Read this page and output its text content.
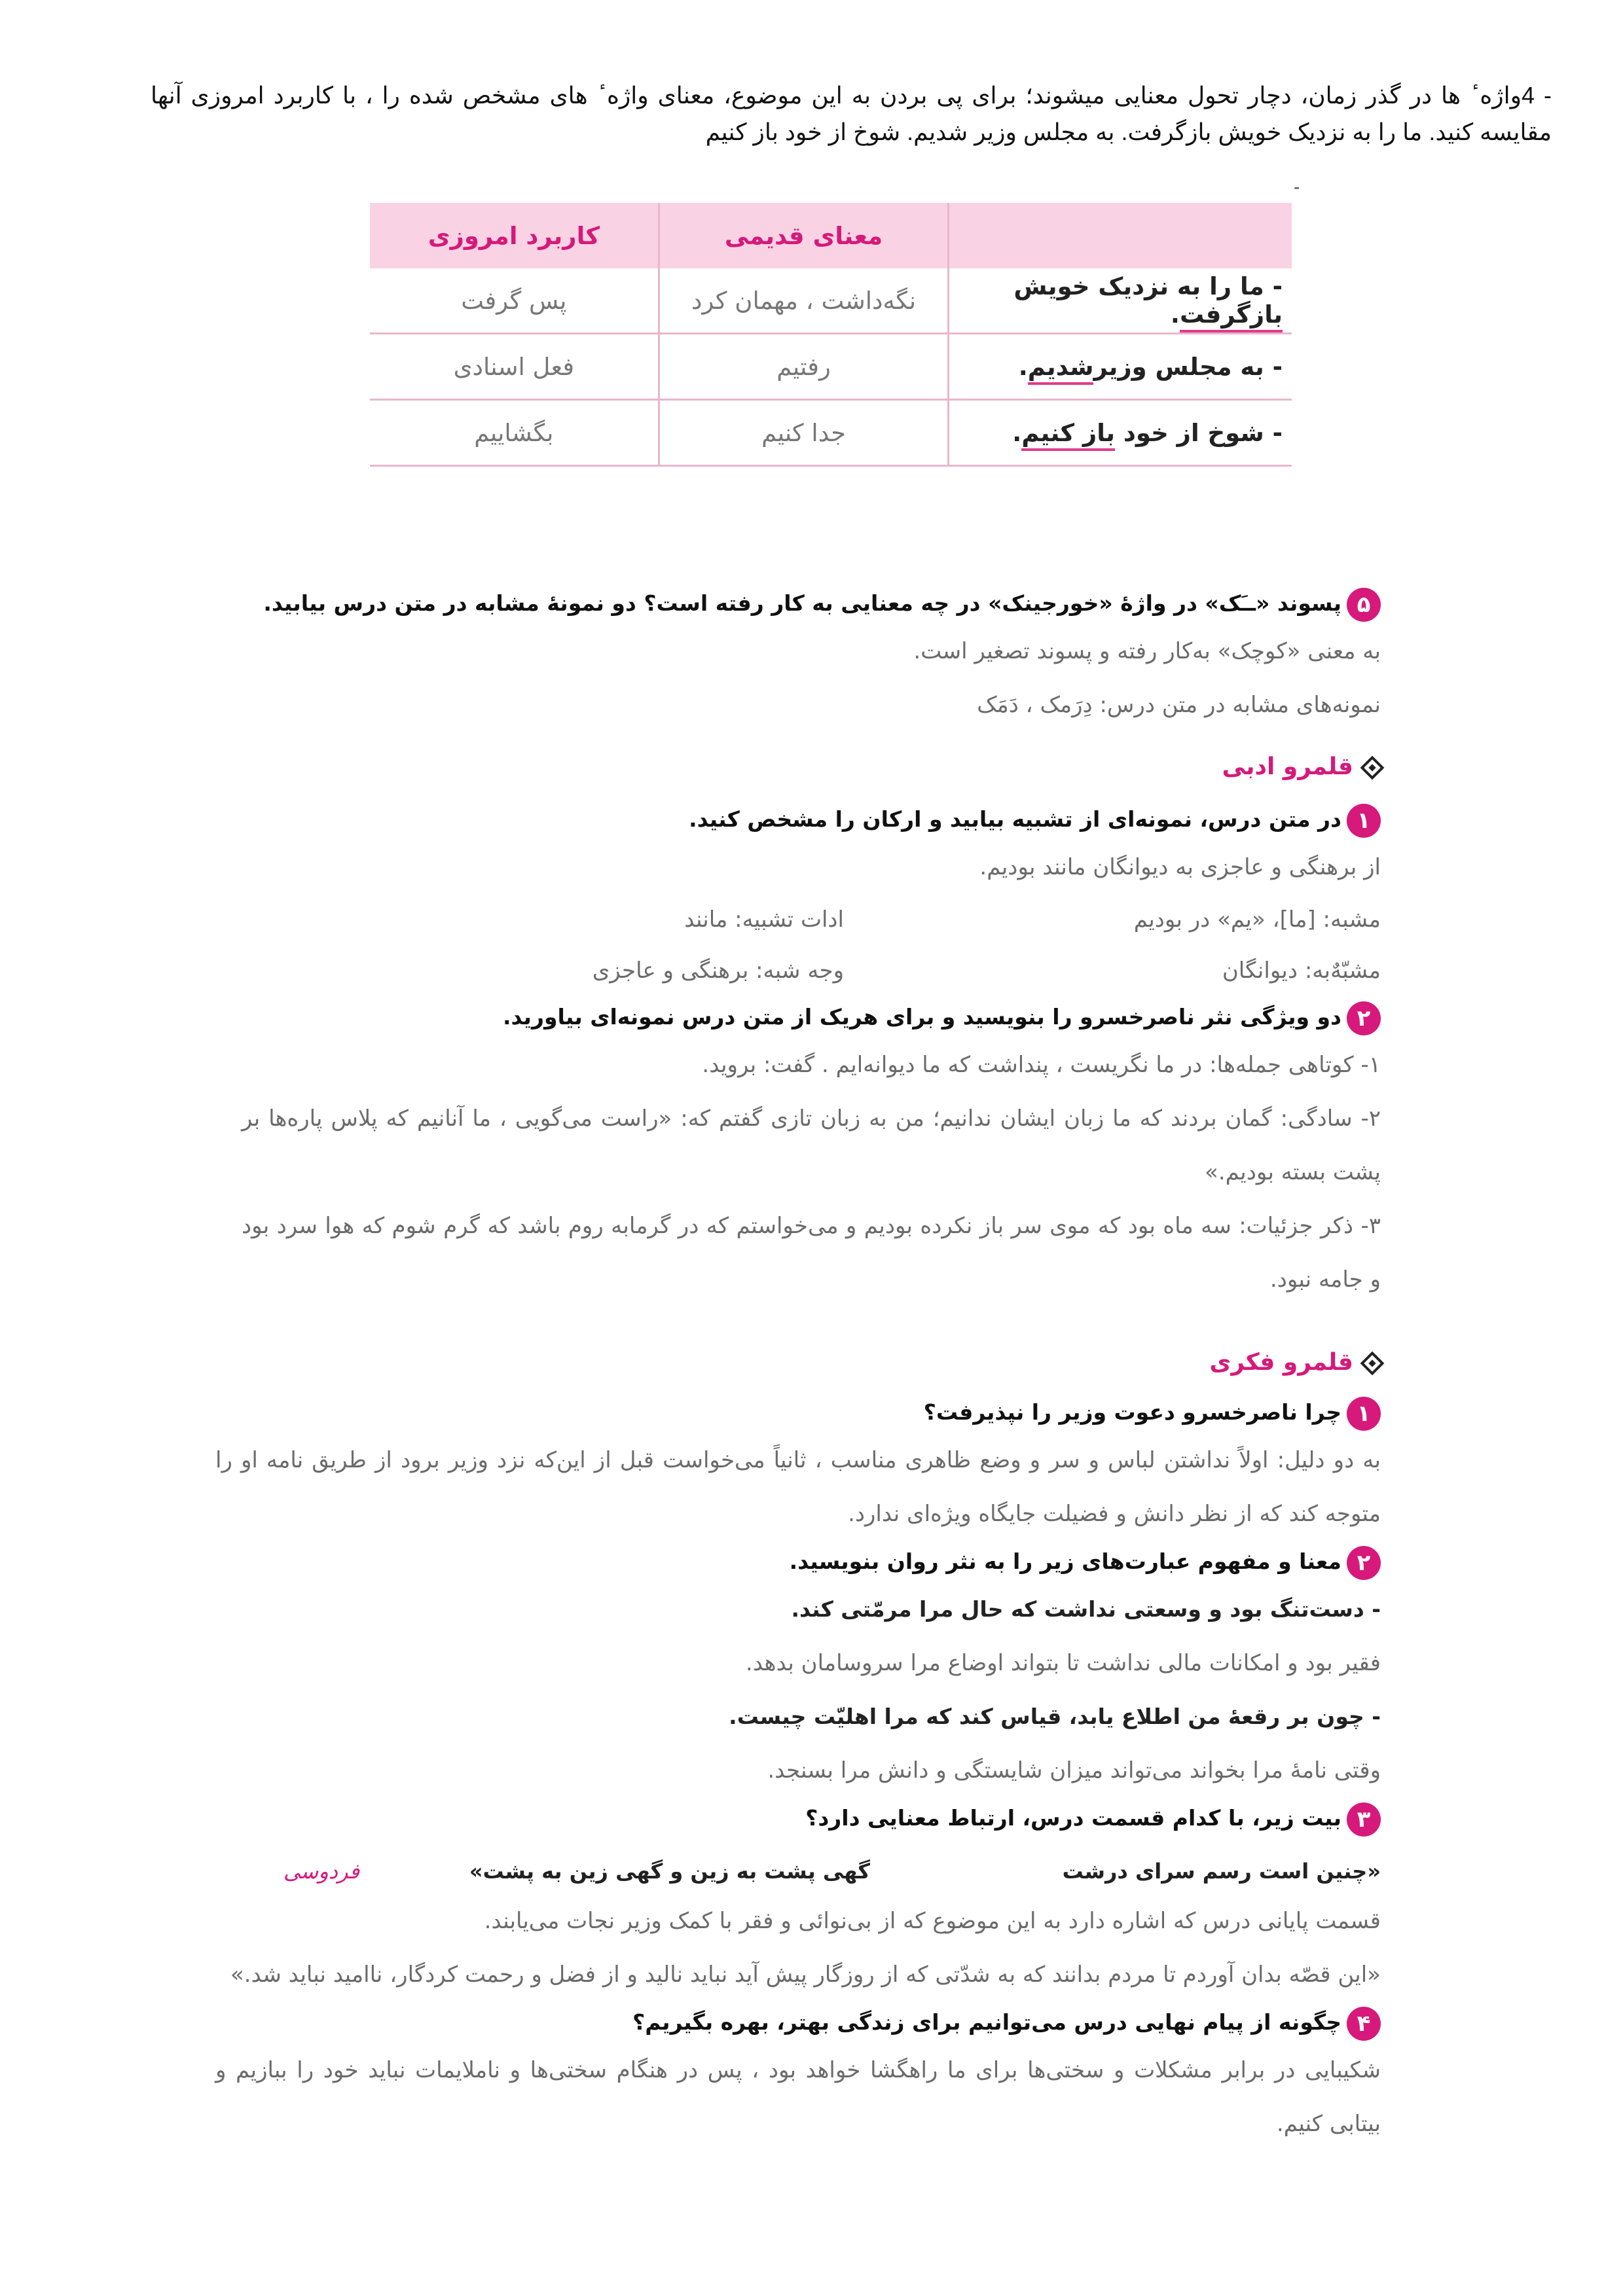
- 4واژه ٔ ها در گذر زمان، دچار تحول معنایی میشوند؛ برای پی بردن به این موضوع، معنای واژه ٔ های مشخص شده را ، با کاربرد امروزی آنها مقایسه کنید. ما را به نزدیک خویش بازگرفت. به مجلس وزیر شدیم. شوخ از خود باز کنیم
-
	معنای قدیمی	کاربرد امروزی
- ما را به نزدیک خویش بازگرفت.	نگه‌داشت ، مهمان کرد	پس گرفت
- به مجلس وزیرشدیم.	رفتیم	فعل اسنادی
- شوخ از خود باز کنیم.	جدا کنیم	بگشاییم
۵پسوند «ــَک» در واژهٔ «خورجینک» در چه معنایی به کار رفته است؟ دو نمونهٔ مشابه در متن درس بیابید.
به معنی «کوچک» به‌کار رفته و پسوند تصغیر است.
نمونه‌های مشابه در متن درس: دِرَمک ، دَمَک
قلمرو ادبی
۱در متن درس، نمونه‌ای از تشبیه بیابید و ارکان را مشخص کنید.
از برهنگی و عاجزی به دیوانگان مانند بودیم.
مشبه: [ما]، «یم» در بودیم
ادات تشبیه: مانند
مشبّهٌ‌به: دیوانگان
وجه شبه: برهنگی و عاجزی
۲دو ویژگی نثر ناصرخسرو را بنویسید و برای هریک از متن درس نمونه‌ای بیاورید.
۱- کوتاهی جمله‌ها: در ما نگریست ، پنداشت که ما دیوانه‌ایم . گفت: بروید.
۲- سادگی: گمان بردند که ما زبان ایشان ندانیم؛ من به زبان تازی گفتم که: «راست می‌گویی ، ما آنانیم که پلاس پاره‌ها بر پشت بسته بودیم.»
۳- ذکر جزئیات: سه ماه بود که موی سر باز نکرده بودیم و می‌خواستم که در گرمابه روم باشد که گرم شوم که هوا سرد بود و جامه نبود.
قلمرو فکری
۱چرا ناصرخسرو دعوت وزیر را نپذیرفت؟
به دو دلیل: اولاً نداشتن لباس و سر و وضع ظاهری مناسب ، ثانیاً می‌خواست قبل از این‌که نزد وزیر برود از طریق نامه او را متوجه کند که از نظر دانش و فضیلت جایگاه ویژه‌ای ندارد.
۲معنا و مفهوم عبارت‌های زیر را به نثر روان بنویسید.
- دست‌تنگ بود و وسعتی نداشت که حال مرا مرمّتی کند.
فقیر بود و امکانات مالی نداشت تا بتواند اوضاع مرا سروسامان بدهد.
- چون بر رقعهٔ من اطلاع یابد، قیاس کند که مرا اهلیّت چیست.
وقتی نامهٔ مرا بخواند می‌تواند میزان شایستگی و دانش مرا بسنجد.
۳بیت زیر، با کدام قسمت درس، ارتباط معنایی دارد؟
«چنین است رسم سرای درشت
گهی پشت به زین و گهی زین به پشت»
فردوسی
قسمت پایانی درس که اشاره دارد به این موضوع که از بی‌نوائی و فقر با کمک وزیر نجات می‌یابند.
«این قصّه بدان آوردم تا مردم بدانند که به شدّتی که از روزگار پیش آید نباید نالید و از فضل و رحمت کردگار، ناامید نباید شد.»
۴چگونه از پیام نهایی درس می‌توانیم برای زندگی بهتر، بهره بگیریم؟
شکیبایی در برابر مشکلات و سختی‌ها برای ما راهگشا خواهد بود ، پس در هنگام سختی‌ها و ناملایمات نباید خود را ببازیم و بیتابی کنیم.
